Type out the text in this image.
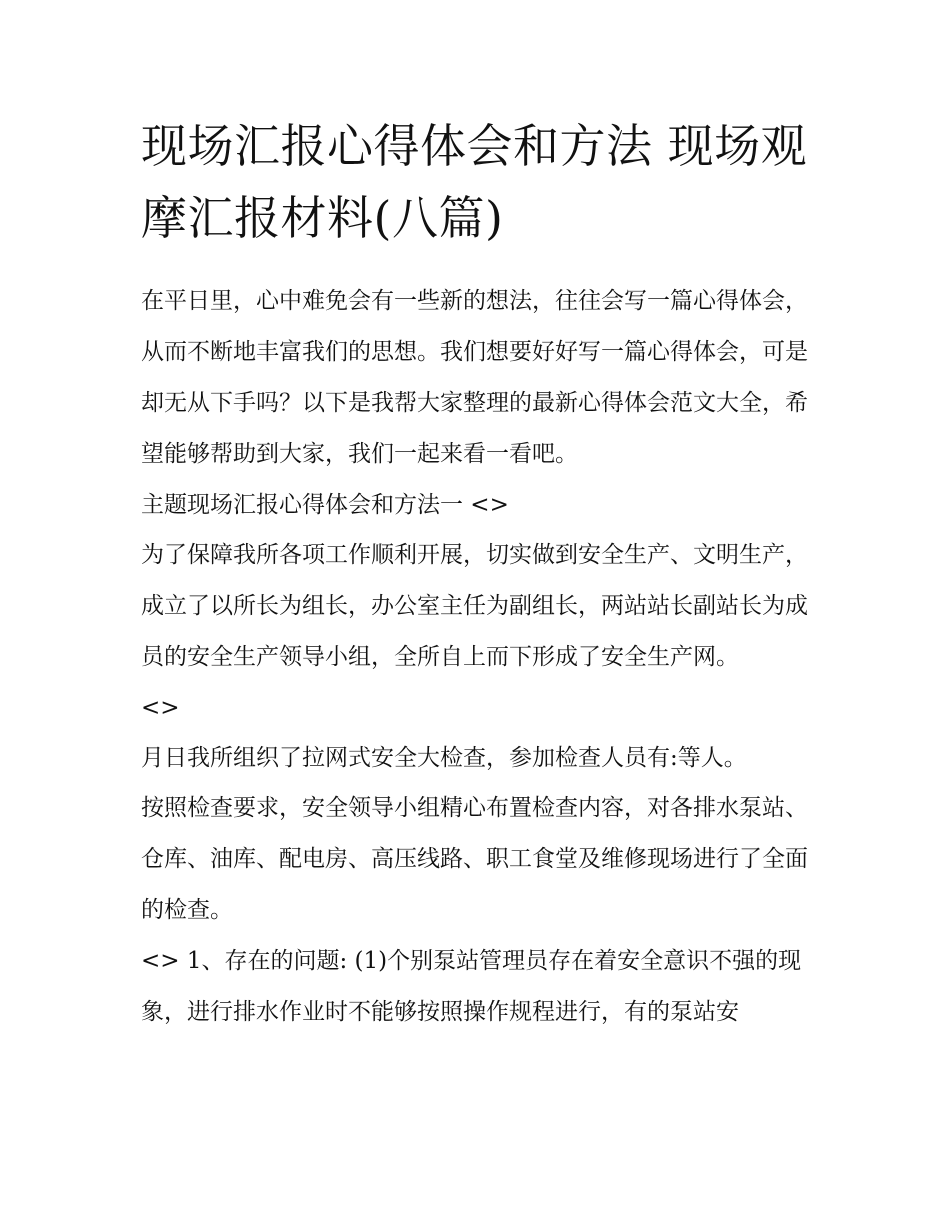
现场汇报心得体会和方法 现场观摩汇报材料(八篇)

在平日里，心中难免会有一些新的想法，往往会写一篇心得体会，从而不断地丰富我们的思想。我们想要好好写一篇心得体会，可是却无从下手吗？以下是我帮大家整理的最新心得体会范文大全，希望能够帮助到大家，我们一起来看一看吧。

主题现场汇报心得体会和方法一 <>

为了保障我所各项工作顺利开展，切实做到安全生产、文明生产，成立了以所长为组长，办公室主任为副组长，两站站长副站长为成员的安全生产领导小组，全所自上而下形成了安全生产网。

<>

月日我所组织了拉网式安全大检查，参加检查人员有:等人。

按照检查要求，安全领导小组精心布置检查内容，对各排水泵站、仓库、油库、配电房、高压线路、职工食堂及维修现场进行了全面的检查。

<> 1、存在的问题: (1)个别泵站管理员存在着安全意识不强的现象，进行排水作业时不能够按照操作规程进行，有的泵站安
